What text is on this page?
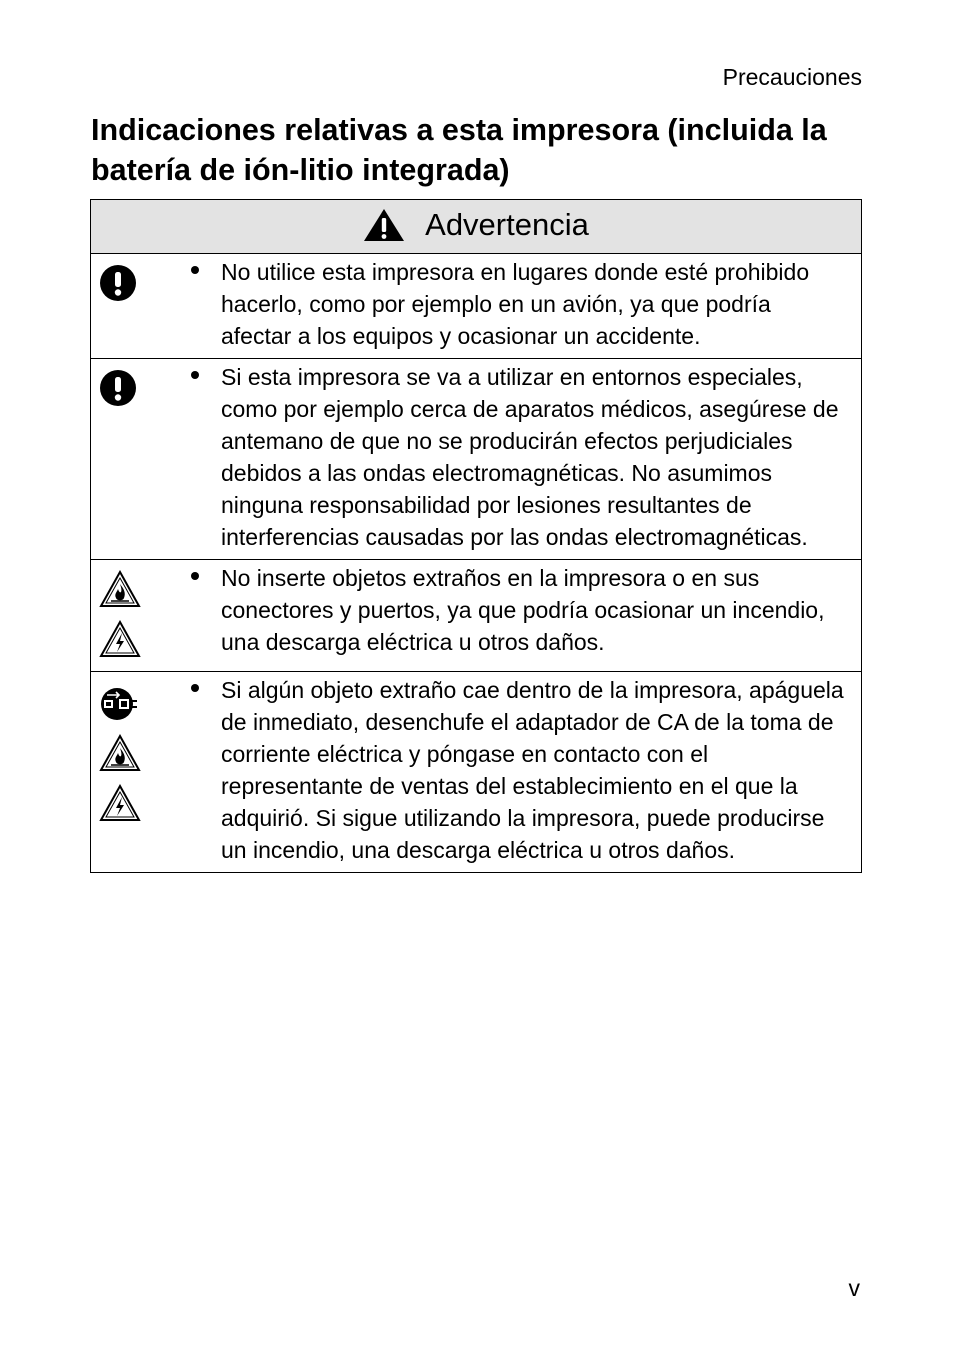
Precauciones
Indicaciones relativas a esta impresora (incluida la batería de ión-litio integrada)
Advertencia		

	No utilice esta impresora en lugares donde esté prohibido hacerlo, como por ejemplo en un avión, ya que podría afectar a los equipos y ocasionar un accidente.

	Si esta impresora se va a utilizar en entornos especiales, como por ejemplo cerca de aparatos médicos, asegúrese de antemano de que no se producirán efectos perjudiciales debidos a las ondas electromagnéticas. No asumimos ninguna responsabilidad por lesiones resultantes de interferencias causadas por las ondas electromagnéticas.

	No inserte objetos extraños en la impresora o en sus conectores y puertos, ya que podría ocasionar un incendio, una descarga eléctrica u otros daños.

	Si algún objeto extraño cae dentro de la impresora, apáguela de inmediato, desenchufe el adaptador de CA de la toma de corriente eléctrica y póngase en contacto con el representante de ventas del establecimiento en el que la adquirió. Si sigue utilizando la impresora, puede producirse un incendio, una descarga eléctrica u otros daños.
v
